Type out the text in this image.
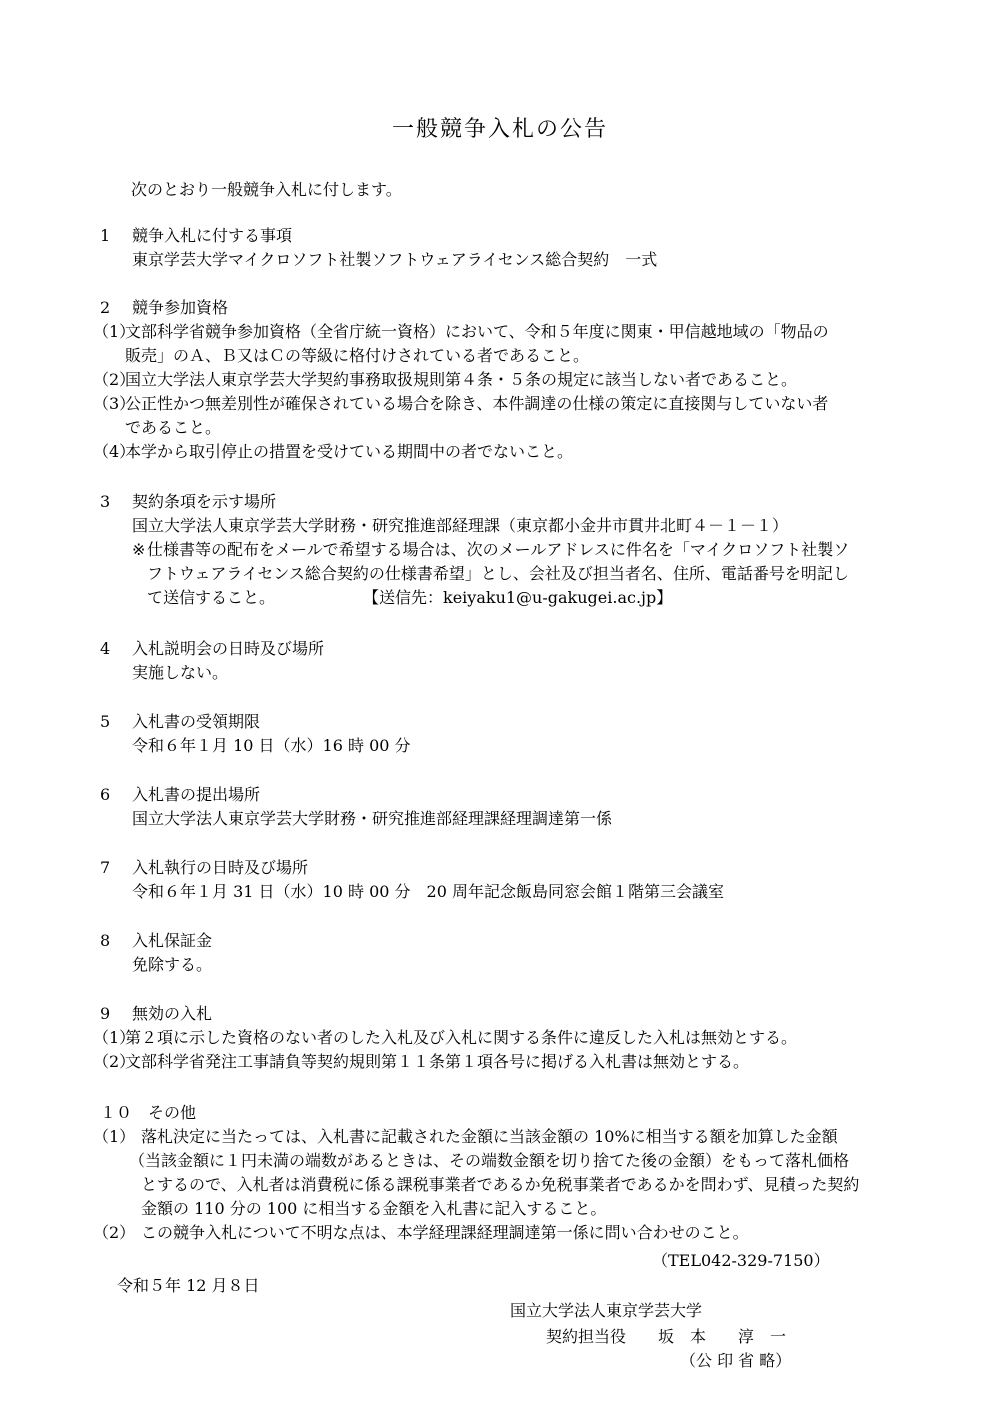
一般競争入札の公告
次のとおり一般競争入札に付します。
1 競争入札に付する事項
東京学芸大学マイクロソフト社製ソフトウェアライセンス総合契約　一式
2 競争参加資格
（1）
文部科学省競争参加資格（全省庁統一資格）において、令和５年度に関東・甲信越地域の「物品の
販売」のＡ、Ｂ又はＣの等級に格付けされている者であること。
（2）
国立大学法人東京学芸大学契約事務取扱規則第４条・５条の規定に該当しない者であること。
（3）
公正性かつ無差別性が確保されている場合を除き、本件調達の仕様の策定に直接関与していない者
であること。
（4）
本学から取引停止の措置を受けている期間中の者でないこと。
3 契約条項を示す場所
国立大学法人東京学芸大学財務・研究推進部経理課（東京都小金井市貫井北町４－１－１）
※ 仕様書等の配布をメールで希望する場合は、次のメールアドレスに件名を「マイクロソフト社製ソ
フトウェアライセンス総合契約の仕様書希望」とし、会社及び担当者名、住所、電話番号を明記し
て送信すること。	【送信先：keiyaku1@u-gakugei.ac.jp】
4 入札説明会の日時及び場所
実施しない。
5 入札書の受領期限
令和６年１月 10 日（水）16 時 00 分
6 入札書の提出場所
国立大学法人東京学芸大学財務・研究推進部経理課経理調達第一係
7 入札執行の日時及び場所
令和６年１月 31 日（水）10 時 00 分　20 周年記念飯島同窓会館１階第三会議室
8 入札保証金
免除する。
9 無効の入札
（1）
第２項に示した資格のない者のした入札及び入札に関する条件に違反した入札は無効とする。
（2）
文部科学省発注工事請負等契約規則第１１条第１項各号に掲げる入札書は無効とする。
１０ その他
（1） 落札決定に当たっては、入札書に記載された金額に当該金額の 10%に相当する額を加算した金額
（当該金額に１円未満の端数があるときは、その端数金額を切り捨てた後の金額）をもって落札価格
とするので、入札者は消費税に係る課税事業者であるか免税事業者であるかを問わず、見積った契約
金額の 110 分の 100 に相当する金額を入札書に記入すること。
（2） この競争入札について不明な点は、本学経理課経理調達第一係に問い合わせのこと。
（TEL042-329-7150）
令和５年 12 月８日
国立大学法人東京学芸大学
契約担当役　　坂　本　　淳　一
（公 印 省 略）
